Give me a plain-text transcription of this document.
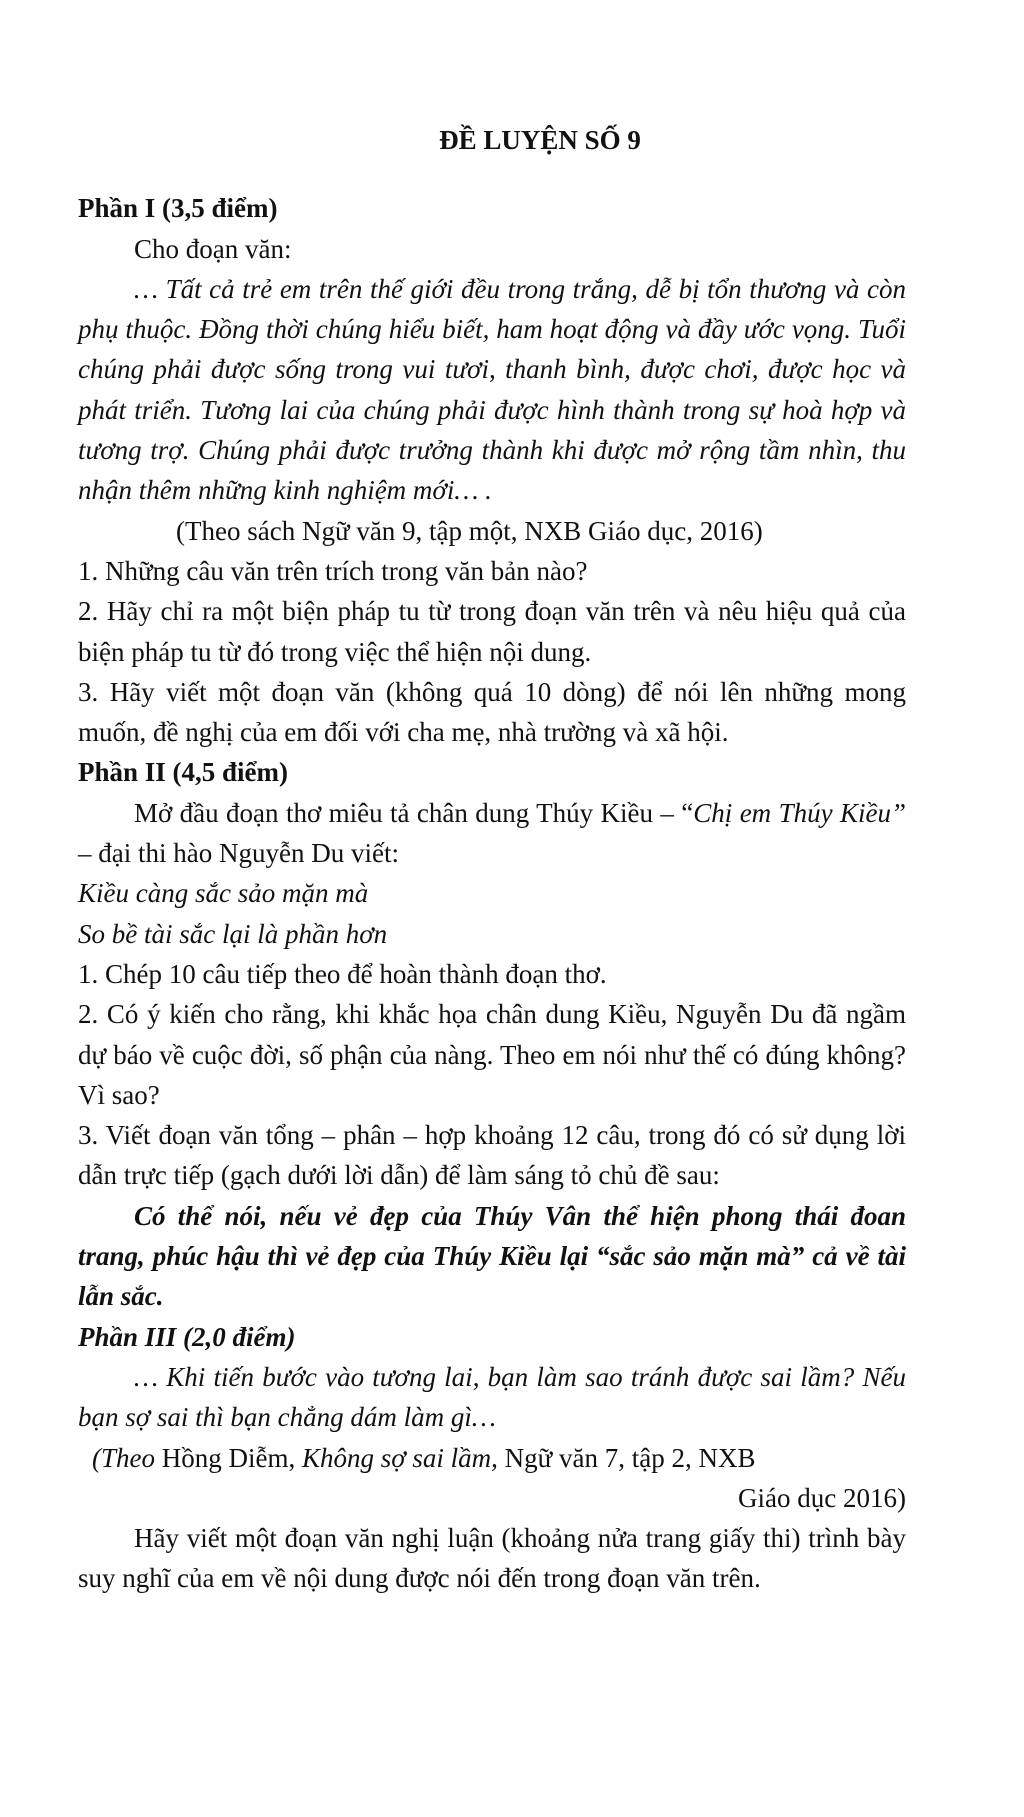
ĐỀ LUYỆN SỐ 9

Phần I (3,5 điểm)

Cho đoạn văn:

… Tất cả trẻ em trên thế giới đều trong trắng, dễ bị tổn thương và còn phụ thuộc. Đồng thời chúng hiểu biết, ham hoạt động và đầy ước vọng. Tuổi chúng phải được sống trong vui tươi, thanh bình, được chơi, được học và phát triển. Tương lai của chúng phải được hình thành trong sự hoà hợp và tương trợ. Chúng phải được trưởng thành khi được mở rộng tầm nhìn, thu nhận thêm những kinh nghiệm mới… .

(Theo sách Ngữ văn 9, tập một, NXB Giáo dục, 2016)

1. Những câu văn trên trích trong văn bản nào?

2. Hãy chỉ ra một biện pháp tu từ trong đoạn văn trên và nêu hiệu quả của biện pháp tu từ đó trong việc thể hiện nội dung.

3. Hãy viết một đoạn văn (không quá 10 dòng) để nói lên những mong muốn, đề nghị của em đối với cha mẹ, nhà trường và xã hội.

Phần II (4,5 điểm)

Mở đầu đoạn thơ miêu tả chân dung Thúy Kiều – “Chị em Thúy Kiều” – đại thi hào Nguyễn Du viết:

Kiều càng sắc sảo mặn mà

So bề tài sắc lại là phần hơn

1. Chép 10 câu tiếp theo để hoàn thành đoạn thơ.

2. Có ý kiến cho rằng, khi khắc họa chân dung Kiều, Nguyễn Du đã ngầm dự báo về cuộc đời, số phận của nàng. Theo em nói như thế có đúng không? Vì sao?

3. Viết đoạn văn tổng – phân – hợp khoảng 12 câu, trong đó có sử dụng lời dẫn trực tiếp (gạch dưới lời dẫn) để làm sáng tỏ chủ đề sau:

Có thể nói, nếu vẻ đẹp của Thúy Vân thể hiện phong thái đoan trang, phúc hậu thì vẻ đẹp của Thúy Kiều lại “sắc sảo mặn mà” cả về tài lẫn sắc.

Phần III (2,0 điểm)

… Khi tiến bước vào tương lai, bạn làm sao tránh được sai lầm? Nếu bạn sợ sai thì bạn chẳng dám làm gì…

(Theo Hồng Diễm, Không sợ sai lầm, Ngữ văn 7, tập 2, NXB

Giáo dục 2016)

Hãy viết một đoạn văn nghị luận (khoảng nửa trang giấy thi) trình bày suy nghĩ của em về nội dung được nói đến trong đoạn văn trên.
